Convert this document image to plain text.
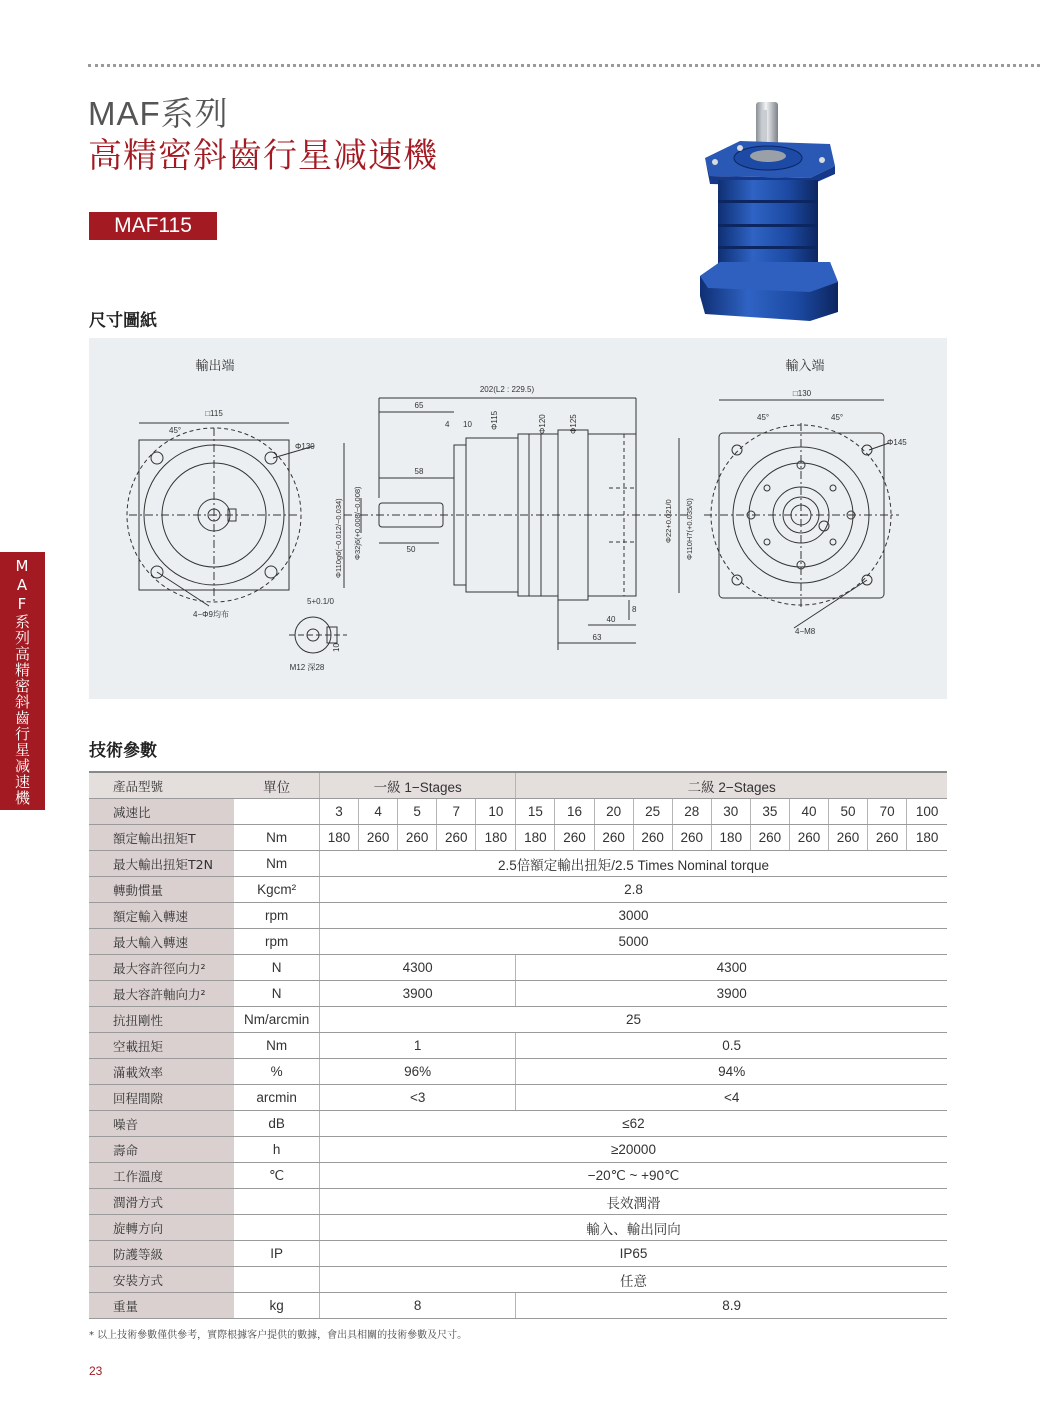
MAF系列
高精密斜齒行星减速機
MAF115
MAF系列高精密斜齒行星减速機
尺寸圖紙
輸出端	輸入端
202(L2 : 229.5)
□115
□130
Φ130	Φ145
45°
45°	45°
4−Φ9均布
4−M8
65
4 10
58
50
40
63
8
Φ115	Φ120	Φ125
Φ110g6(−0.012/−0.034) Φ32j6(+0.008/−0.008)	Φ22+0.021/0 Φ110H7(+0.035/0)
5+0.1/0
10
M12 深28
技術參數
產品型號	單位	一級 1−Stages					二級 2−Stages										
减速比		3	4	5	7	10	15	16	20	25	28	30	35	40	50	70	100
額定輸出扭矩T	Nm	180	260	260	260	180	180	260	260	260	260	180	260	260	260	260	180
最大輸出扭矩T2N	Nm	2.5倍額定輸出扭矩/2.5 Times Nominal torque															
轉動慣量	Kgcm²	2.8															
額定輸入轉速	rpm	3000															
最大輸入轉速	rpm	5000															
最大容許徑向力²	N	4300					4300										
最大容許軸向力²	N	3900					3900										
抗扭剛性	Nm/arcmin	25															
空載扭矩	Nm	1					0.5										
滿載效率	%	96%					94%										
回程間隙	arcmin	<3					<4										
噪音	dB	≤62															
壽命	h	≥20000															
工作溫度	℃	−20℃ ~ +90℃															
潤滑方式		長效潤滑															
旋轉方向		輸入、輸出同向															
防護等級	IP	IP65															
安裝方式		任意															
重量	kg	8					8.9										
* 以上技術參數僅供參考，實際根據客户提供的數據，會出具相關的技術參數及尺寸。
23
